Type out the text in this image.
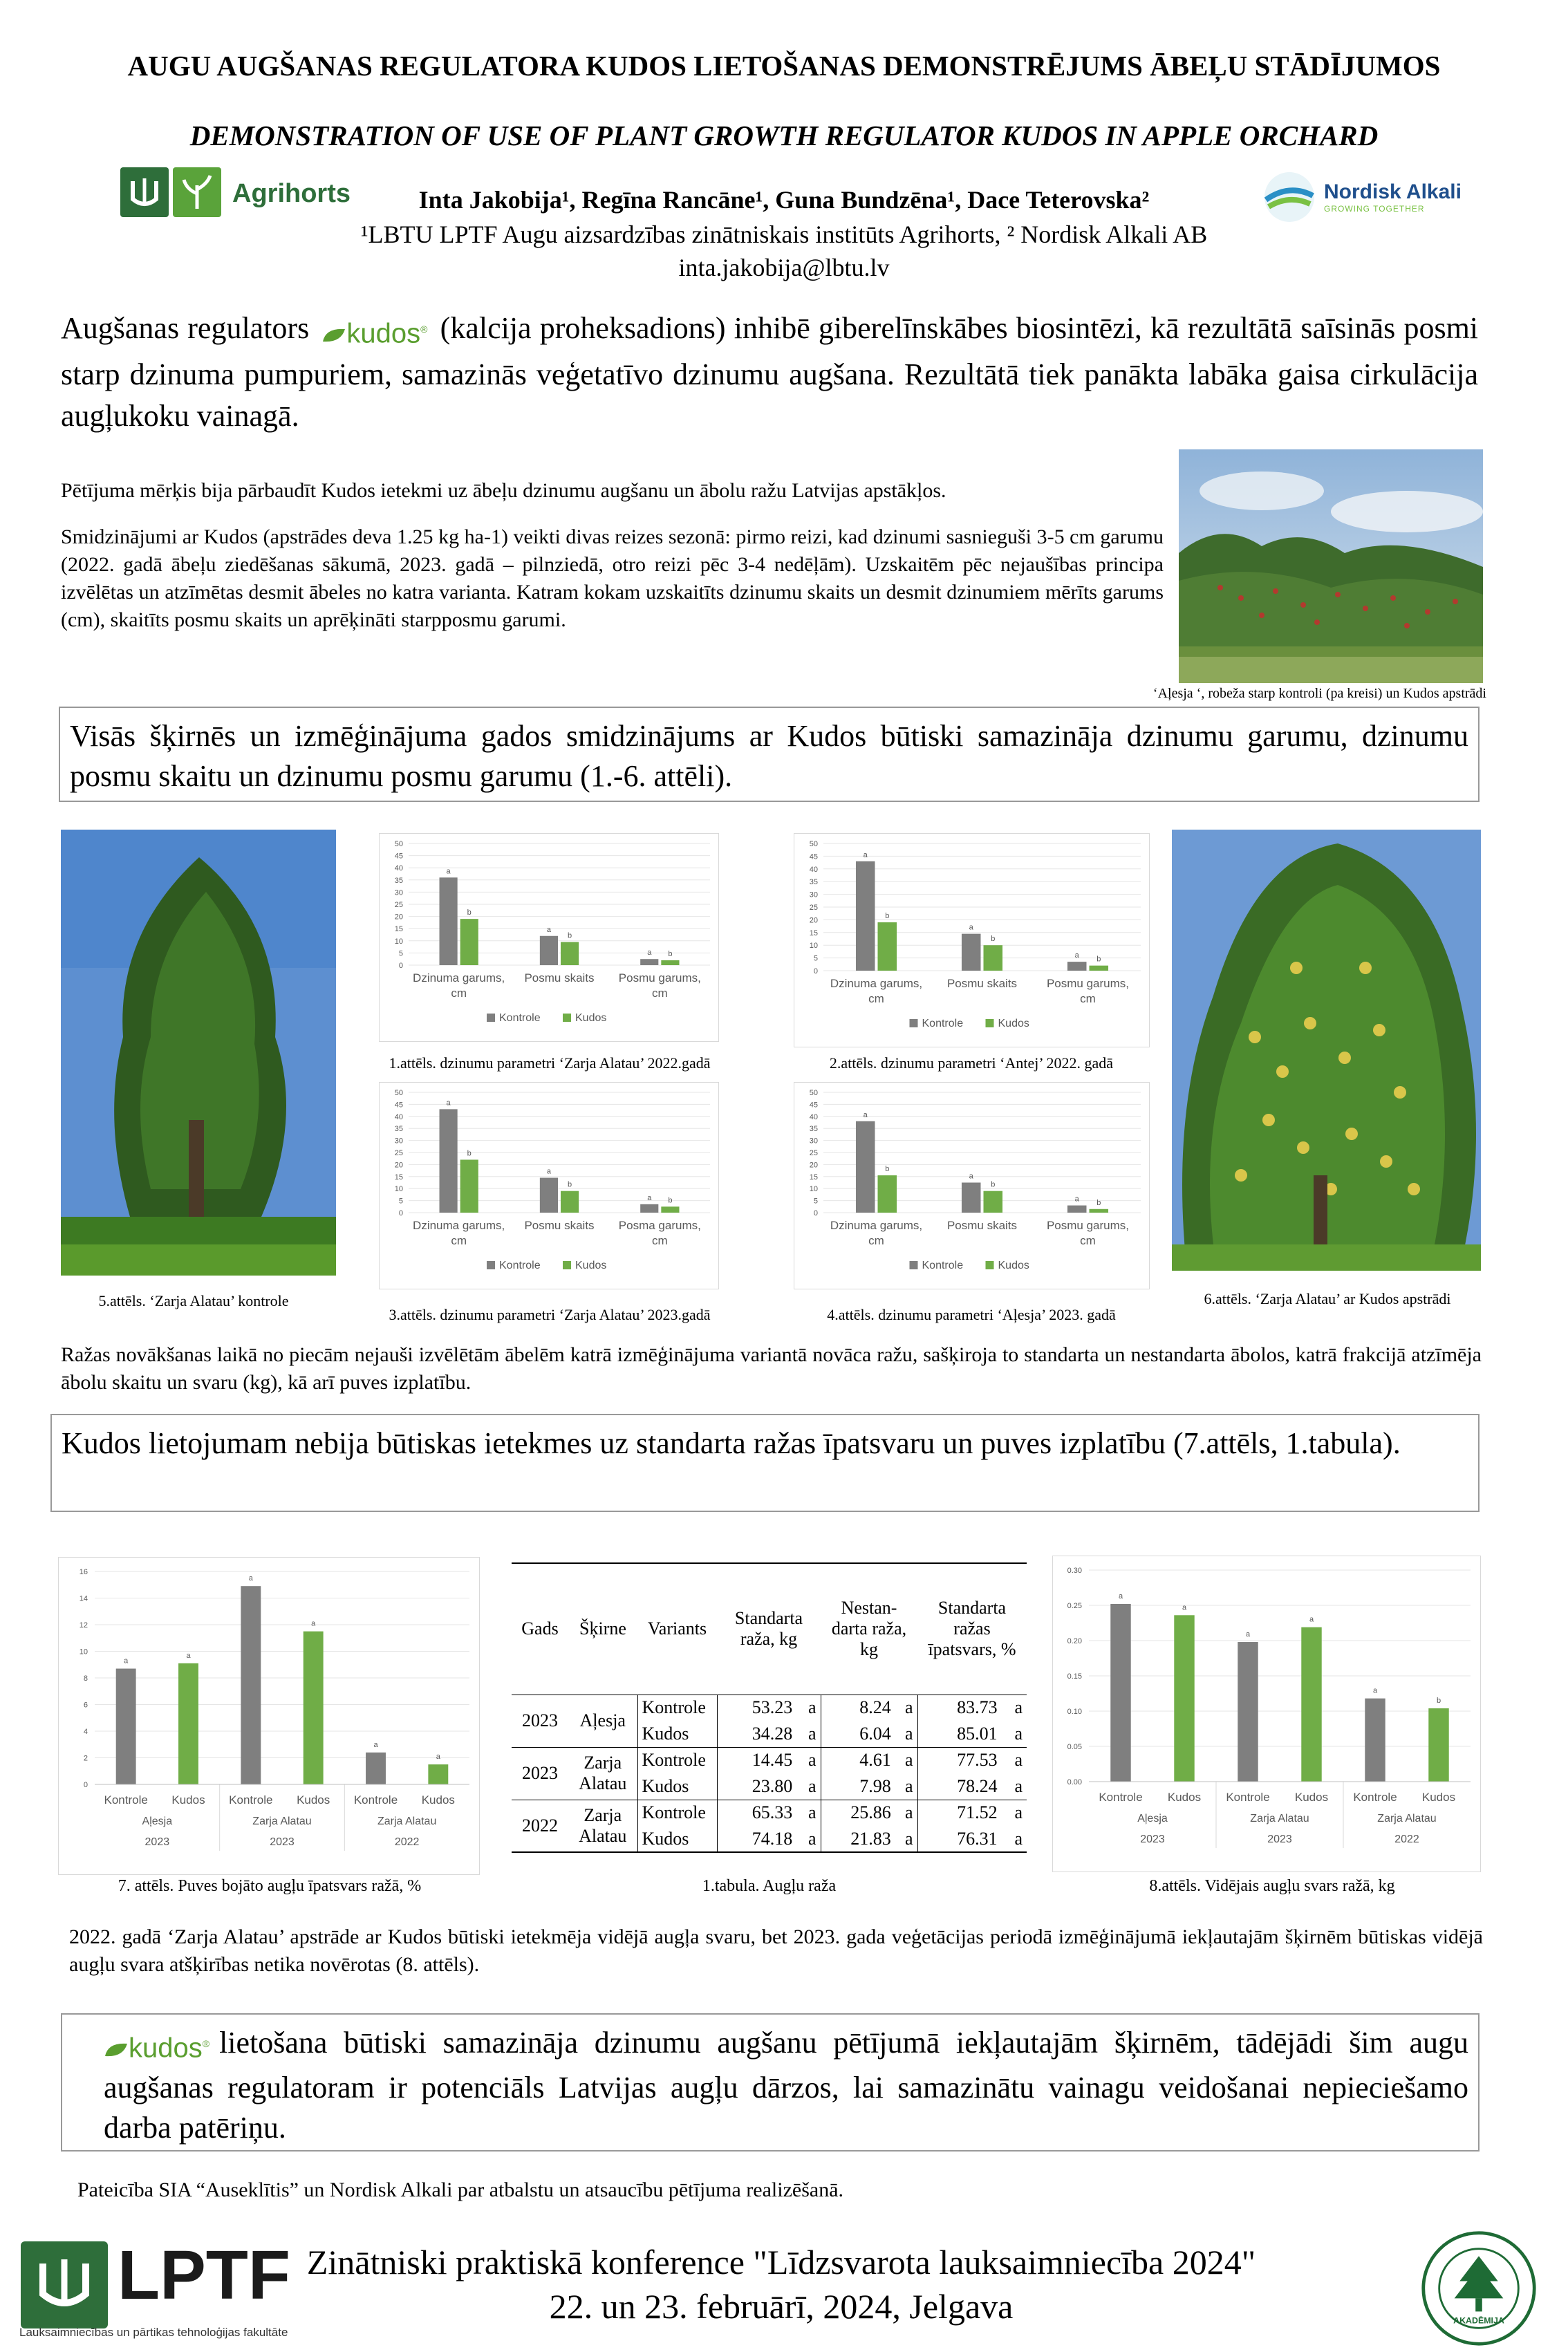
AUGU AUGŠANAS REGULATORA KUDOS LIETOŠANAS DEMONSTRĒJUMS ĀBEĻU STĀDĪJUMOS
DEMONSTRATION OF USE OF PLANT GROWTH REGULATOR KUDOS IN APPLE ORCHARD
Agrihorts	Nordisk Alkali
GROWING TOGETHER
Inta Jakobija¹, Regīna Rancāne¹, Guna Bundzēna¹, Dace Teterovska²
¹LBTU LPTF Augu aizsardzības zinātniskais institūts Agrihorts, ² Nordisk Alkali AB
inta.jakobija@lbtu.lv
Augšanas regulators kudos® (kalcija proheksadions) inhibē giberelīnskābes biosintēzi, kā rezultātā saīsinās posmi starp dzinuma pumpuriem, samazinās veģetatīvo dzinumu augšana. Rezultātā tiek panākta labāka gaisa cirkulācija augļukoku vainagā.
Pētījuma mērķis bija pārbaudīt Kudos ietekmi uz ābeļu dzinumu augšanu un ābolu ražu Latvijas apstākļos.
Smidzinājumi ar Kudos (apstrādes deva 1.25 kg ha-1) veikti divas reizes sezonā: pirmo reizi, kad dzinumi sasnieguši 3-5 cm garumu (2022. gadā ābeļu ziedēšanas sākumā, 2023. gadā – pilnziedā, otro reizi pēc 3-4 nedēļām). Uzskaitēm pēc nejaušības principa izvēlētas un atzīmētas desmit ābeles no katra varianta. Katram kokam uzskaitīts dzinumu skaits un desmit dzinumiem mērīts garums (cm), skaitīts posmu skaits un aprēķināti starpposmu garumi.
‘Aļesja ‘, robeža starp kontroli (pa kreisi) un Kudos apstrādi
Visās šķirnēs un izmēģinājuma gados smidzinājums ar Kudos būtiski samazināja dzinumu garumu, dzinumu posmu skaitu un dzinumu posmu garumu (1.-6. attēli).
5.attēls. ‘Zarja Alatau’ kontrole	6.attēls. ‘Zarja Alatau’ ar Kudos apstrādi
0
5
10
15
20
25
30
35
40
45
50
a
b
Dzinuma garums,
cm
a
b
Posmu skaits
a b
Posmu garums,
cm
Kontrole	Kudos
1.attēls. dzinumu parametri ‘Zarja Alatau’ 2022.gadā
0
5
10
15
20
25
30
35
40
45
50
a
b
Dzinuma garums,
cm
a
b
Posmu skaits
a b
Posmu garums,
cm
Kontrole	Kudos
2.attēls. dzinumu parametri ‘Antej’ 2022. gadā
0
5
10
15
20
25
30
35
40
45
50
a
b
Dzinuma garums,
cm
a
b
Posmu skaits
a b
Posma garums,
cm
Kontrole	Kudos
3.attēls. dzinumu parametri ‘Zarja Alatau’ 2023.gadā
0
5
10
15
20
25
30
35
40
45
50
a
b
Dzinuma garums,
cm
a
b
Posmu skaits
a b
Posmu garums,
cm
Kontrole	Kudos
4.attēls. dzinumu parametri ‘Aļesja’ 2023. gadā
Ražas novākšanas laikā no piecām nejauši izvēlētām ābelēm katrā izmēģinājuma variantā novāca ražu, sašķiroja to standarta un nestandarta ābolos, katrā frakcijā atzīmēja ābolu skaitu un svaru (kg), kā arī puves izplatību.
Kudos lietojumam nebija būtiskas ietekmes uz standarta ražas īpatsvaru un puves izplatību (7.attēls, 1.tabula).
0
2
4
6
8
10
12
14
16
a
Kontrole
a
Kudos
a
Kontrole
a
Kudos
a
Kontrole
a
Kudos
Aļesja
2023
Zarja Alatau
2023
Zarja Alatau
2022
7. attēls. Puves bojāto augļu īpatsvars ražā, %
Gads	Šķirne	Variants	Standarta raža, kg	Nestan-darta raža, kg	Standarta ražas īpatsvars, %
2023	Aļesja	Kontrole	53.23 a	8.24 a	83.73 a
		Kudos	34.28 a	6.04 a	85.01 a
2023	Zarja Alatau	Kontrole	14.45 a	4.61 a	77.53 a
		Kudos	23.80 a	7.98 a	78.24 a
2022	Zarja Alatau	Kontrole	65.33 a	25.86 a	71.52 a
		Kudos	74.18 a	21.83 a	76.31 a
1.tabula. Augļu raža
0.00
0.05
0.10
0.15
0.20
0.25
0.30
a
Kontrole
a
Kudos
a
Kontrole
a
Kudos
a
Kontrole
b
Kudos
Aļesja
2023
Zarja Alatau
2023
Zarja Alatau
2022
8.attēls. Vidējais augļu svars ražā, kg
2022. gadā ‘Zarja Alatau’ apstrāde ar Kudos būtiski ietekmēja vidējā augļa svaru, bet 2023. gada veģetācijas periodā izmēģinājumā iekļautajām šķirnēm būtiskas vidējā augļu svara atšķirības netika novērotas (8. attēls).
kudos® lietošana būtiski samazināja dzinumu augšanu pētījumā iekļautajām šķirnēm, tādējādi šim augu augšanas regulatoram ir potenciāls Latvijas augļu dārzos, lai samazinātu vainagu veidošanai nepieciešamo darba patēriņu.
Pateicība SIA “Auseklītis” un Nordisk Alkali par atbalstu un atsaucību pētījuma realizēšanā.
LPTF
Lauksaimniecības un pārtikas tehnoloģijas fakultāte
Zinātniski praktiskā konference "Līdzsvarota lauksaimniecība 2024"
22. un 23. februārī, 2024, Jelgava	AKADĒMIJA
